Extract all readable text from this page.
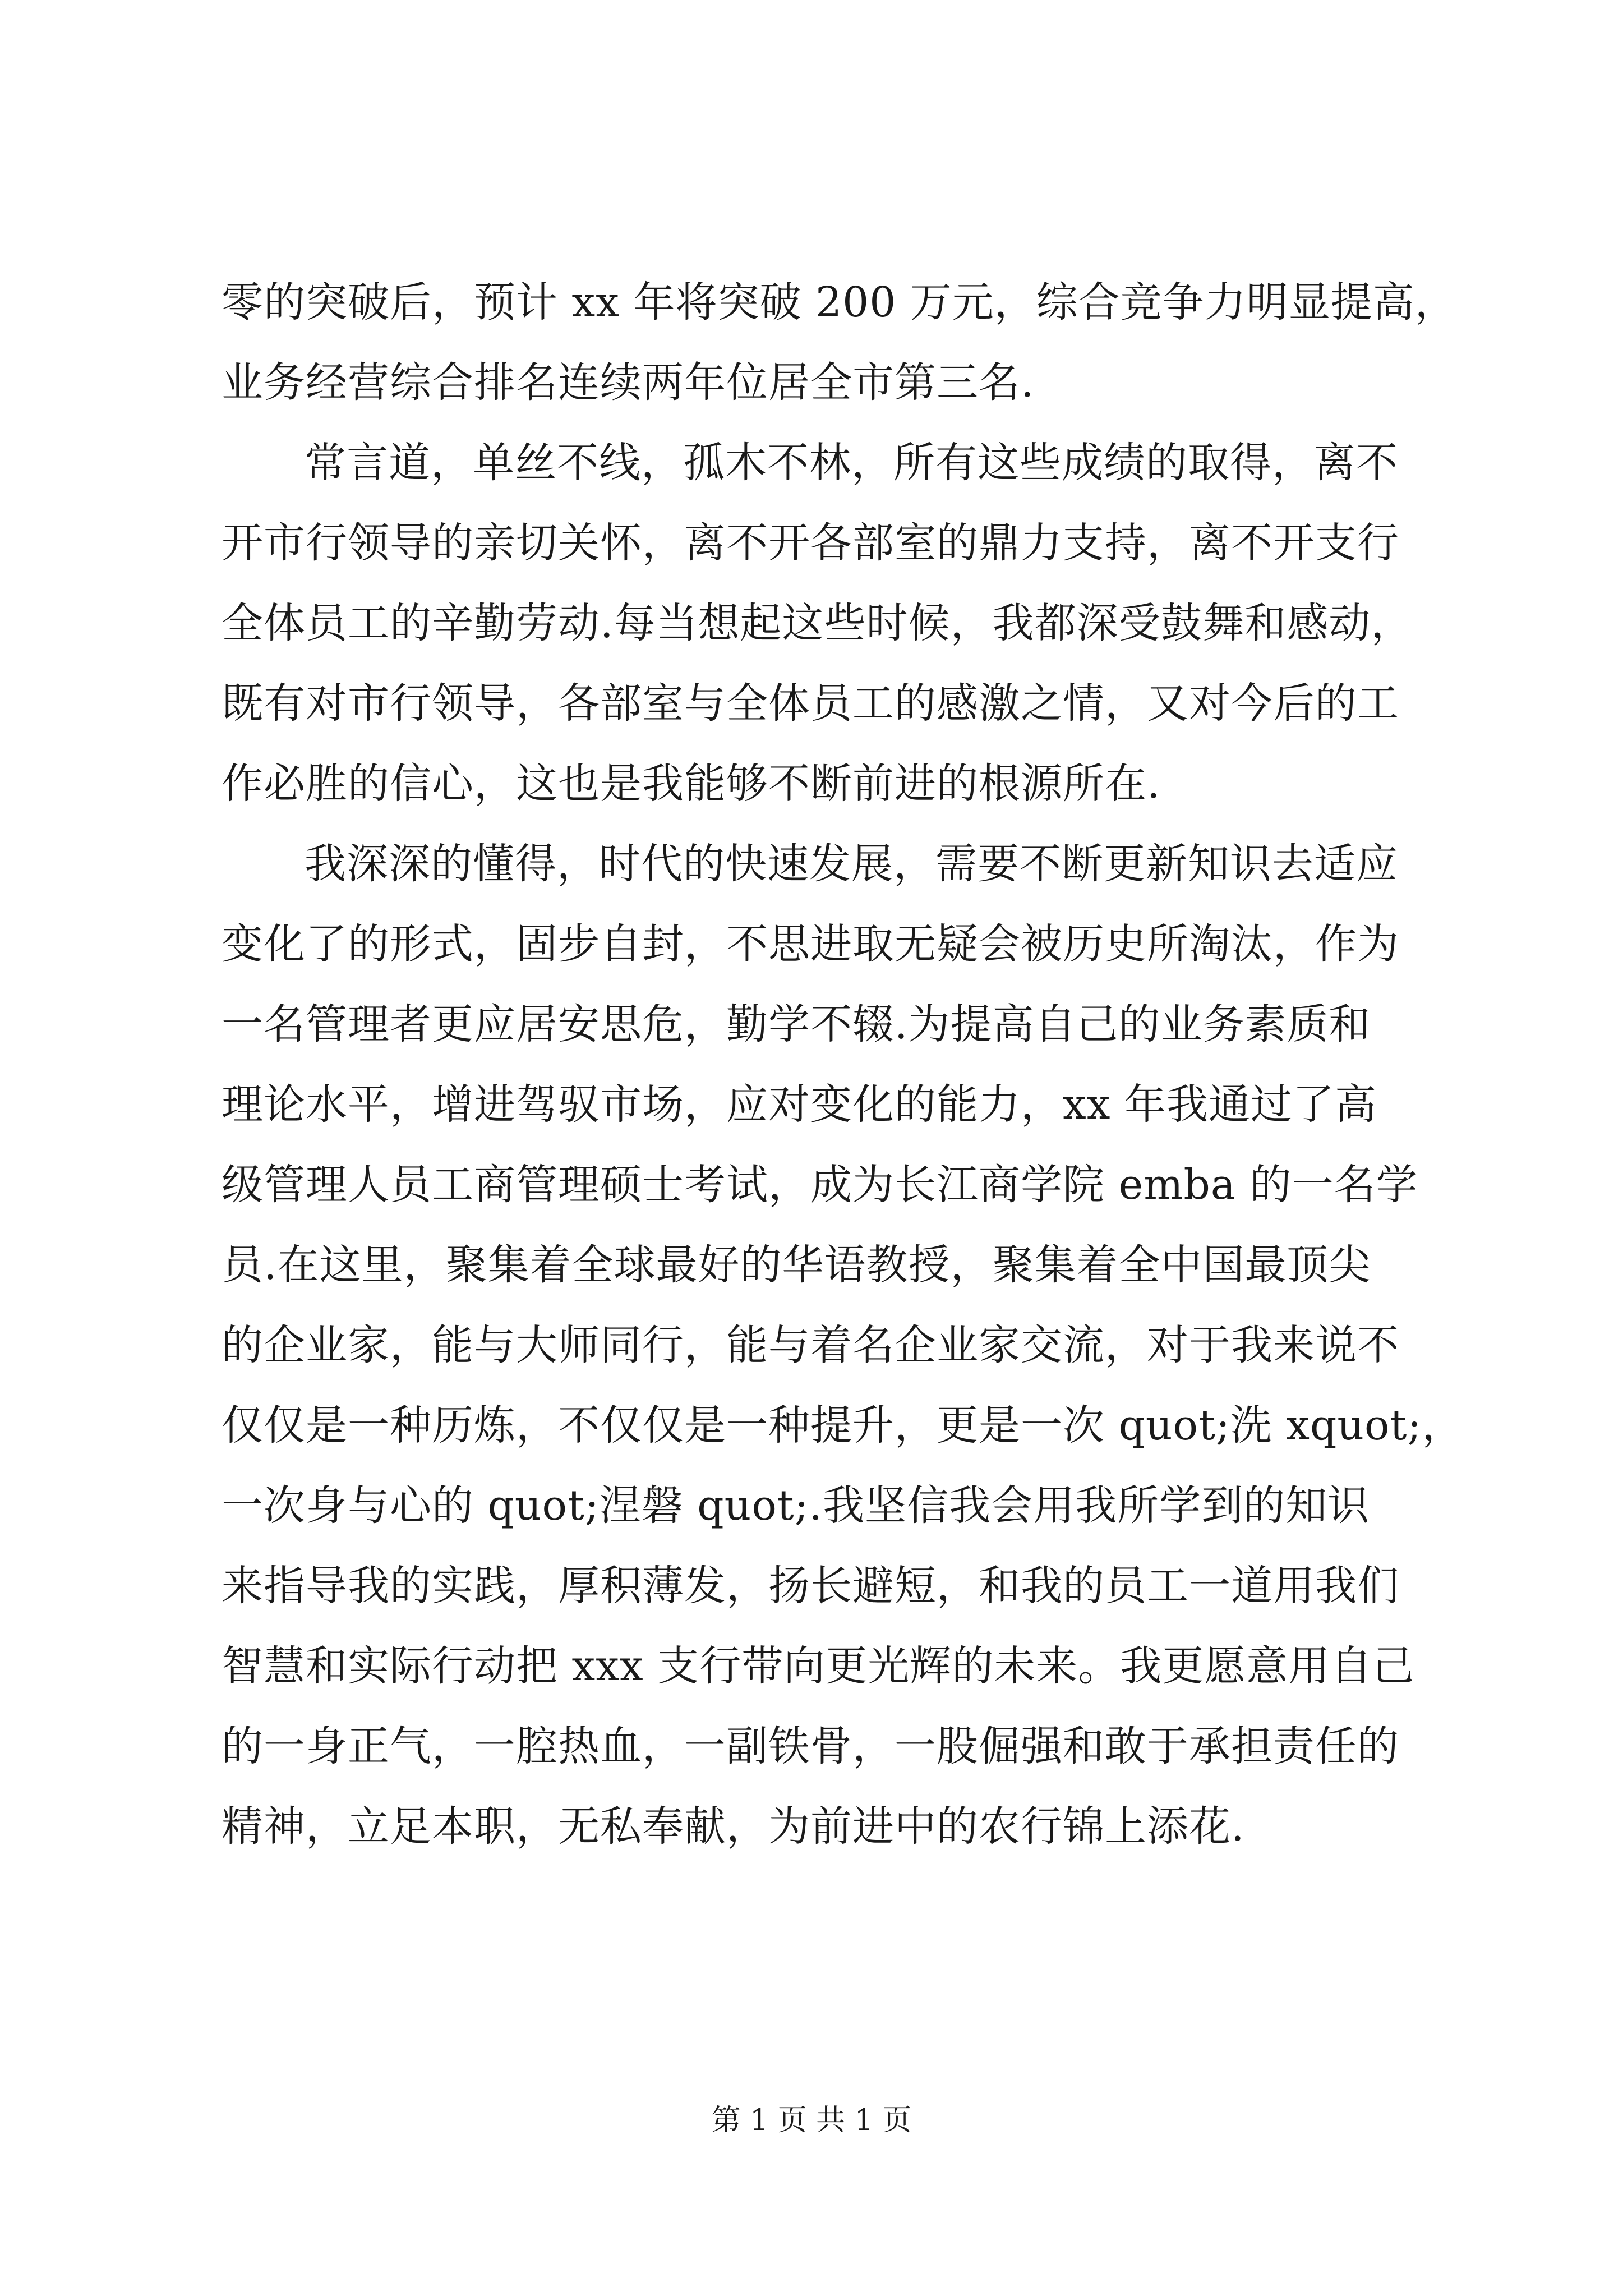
零的突破后，预计 xx 年将突破 200 万元，综合竞争力明显提高，
业务经营综合排名连续两年位居全市第三名.
常言道，单丝不线，孤木不林，所有这些成绩的取得，离不
开市行领导的亲切关怀，离不开各部室的鼎力支持，离不开支行
全体员工的辛勤劳动.每当想起这些时候，我都深受鼓舞和感动，
既有对市行领导，各部室与全体员工的感激之情，又对今后的工
作必胜的信心，这也是我能够不断前进的根源所在.
我深深的懂得，时代的快速发展，需要不断更新知识去适应
变化了的形式，固步自封，不思进取无疑会被历史所淘汰，作为
一名管理者更应居安思危，勤学不辍.为提高自己的业务素质和
理论水平，增进驾驭市场，应对变化的能力，xx 年我通过了高
级管理人员工商管理硕士考试，成为长江商学院 emba 的一名学
员.在这里，聚集着全球最好的华语教授，聚集着全中国最顶尖
的企业家，能与大师同行，能与着名企业家交流，对于我来说不
仅仅是一种历炼，不仅仅是一种提升，更是一次 quot;洗 xquot;，
一次身与心的 quot;涅磐 quot;.我坚信我会用我所学到的知识
来指导我的实践，厚积薄发，扬长避短，和我的员工一道用我们
智慧和实际行动把 xxx 支行带向更光辉的未来。我更愿意用自己
的一身正气，一腔热血，一副铁骨，一股倔强和敢于承担责任的
精神，立足本职，无私奉献，为前进中的农行锦上添花.
第 1 页 共 1 页
